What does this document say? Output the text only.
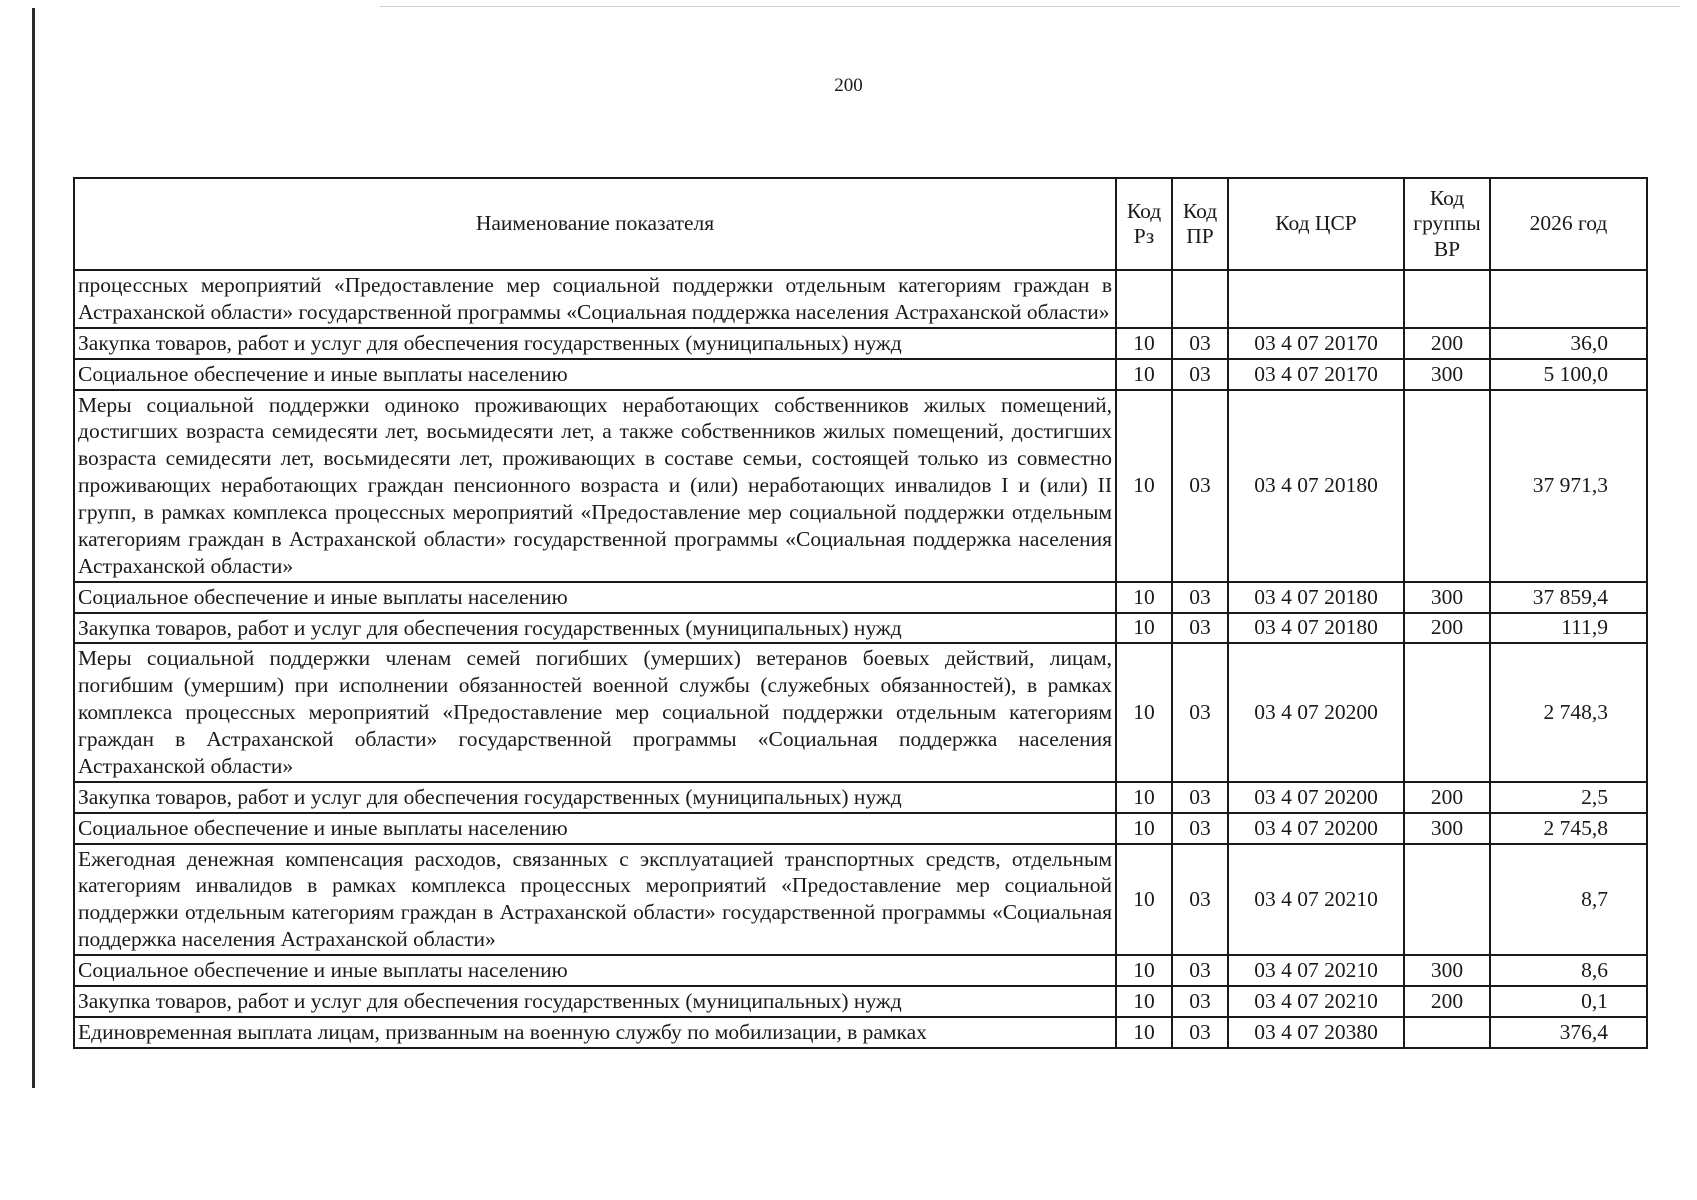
200
Наименование показателя	Код Рз	Код ПР	Код ЦСР	Код группы ВР	2026 год
процессных мероприятий «Предоставление мер социальной поддержки отдельным категориям граждан в Астраханской области» государственной программы «Социальная поддержка населения Астраханской области»					
Закупка товаров, работ и услуг для обеспечения государственных (муниципальных) нужд	10	03	03 4 07 20170	200	36,0
Социальное обеспечение и иные выплаты населению	10	03	03 4 07 20170	300	5 100,0
Меры социальной поддержки одиноко проживающих неработающих собственников жилых помещений, достигших возраста семидесяти лет, восьмидесяти лет, а также собственников жилых помещений, достигших возраста семидесяти лет, восьмидесяти лет, проживающих в составе семьи, состоящей только из совместно проживающих неработающих граждан пенсионного возраста и (или) неработающих инвалидов I и (или) II групп, в рамках комплекса процессных мероприятий «Предоставление мер социальной поддержки отдельным категориям граждан в Астраханской области» государственной программы «Социальная поддержка населения Астраханской области»	10	03	03 4 07 20180		37 971,3
Социальное обеспечение и иные выплаты населению	10	03	03 4 07 20180	300	37 859,4
Закупка товаров, работ и услуг для обеспечения государственных (муниципальных) нужд	10	03	03 4 07 20180	200	111,9
Меры социальной поддержки членам семей погибших (умерших) ветеранов боевых действий, лицам, погибшим (умершим) при исполнении обязанностей военной службы (служебных обязанностей), в рамках комплекса процессных мероприятий «Предоставление мер социальной поддержки отдельным категориям граждан в Астраханской области» государственной программы «Социальная поддержка населения Астраханской области»	10	03	03 4 07 20200		2 748,3
Закупка товаров, работ и услуг для обеспечения государственных (муниципальных) нужд	10	03	03 4 07 20200	200	2,5
Социальное обеспечение и иные выплаты населению	10	03	03 4 07 20200	300	2 745,8
Ежегодная денежная компенсация расходов, связанных с эксплуатацией транспортных средств, отдельным категориям инвалидов в рамках комплекса процессных мероприятий «Предоставление мер социальной поддержки отдельным категориям граждан в Астраханской области» государственной программы «Социальная поддержка населения Астраханской области»	10	03	03 4 07 20210		8,7
Социальное обеспечение и иные выплаты населению	10	03	03 4 07 20210	300	8,6
Закупка товаров, работ и услуг для обеспечения государственных (муниципальных) нужд	10	03	03 4 07 20210	200	0,1
Единовременная выплата лицам, призванным на военную службу по мобилизации, в рамках	10	03	03 4 07 20380		376,4
